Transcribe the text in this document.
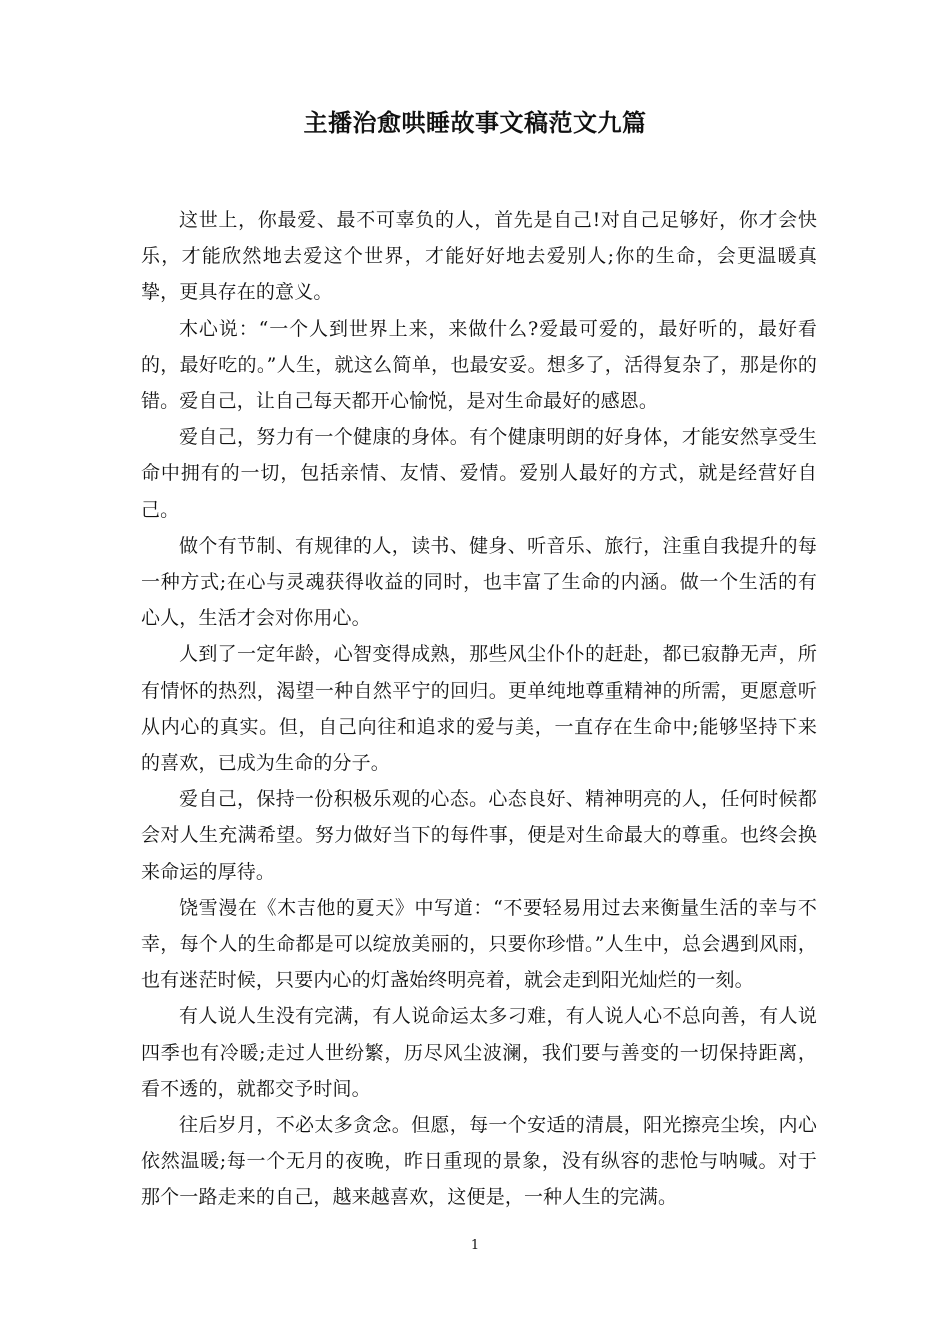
主播治愈哄睡故事文稿范文九篇

这世上，你最爱、最不可辜负的人，首先是自己!对自己足够好，你才会快乐，才能欣然地去爱这个世界，才能好好地去爱别人;你的生命，会更温暖真挚，更具存在的意义。

木心说：“一个人到世界上来，来做什么?爱最可爱的，最好听的，最好看的，最好吃的。”人生，就这么简单，也最安妥。想多了，活得复杂了，那是你的错。爱自己，让自己每天都开心愉悦，是对生命最好的感恩。

爱自己，努力有一个健康的身体。有个健康明朗的好身体，才能安然享受生命中拥有的一切，包括亲情、友情、爱情。爱别人最好的方式，就是经营好自己。

做个有节制、有规律的人，读书、健身、听音乐、旅行，注重自我提升的每一种方式;在心与灵魂获得收益的同时，也丰富了生命的内涵。做一个生活的有心人，生活才会对你用心。

人到了一定年龄，心智变得成熟，那些风尘仆仆的赶赴，都已寂静无声，所有情怀的热烈，渴望一种自然平宁的回归。更单纯地尊重精神的所需，更愿意听从内心的真实。但，自己向往和追求的爱与美，一直存在生命中;能够坚持下来的喜欢，已成为生命的分子。

爱自己，保持一份积极乐观的心态。心态良好、精神明亮的人，任何时候都会对人生充满希望。努力做好当下的每件事，便是对生命最大的尊重。也终会换来命运的厚待。

饶雪漫在《木吉他的夏天》中写道：“不要轻易用过去来衡量生活的幸与不幸，每个人的生命都是可以绽放美丽的，只要你珍惜。”人生中，总会遇到风雨，也有迷茫时候，只要内心的灯盏始终明亮着，就会走到阳光灿烂的一刻。

有人说人生没有完满，有人说命运太多刁难，有人说人心不总向善，有人说四季也有冷暖;走过人世纷繁，历尽风尘波澜，我们要与善变的一切保持距离，看不透的，就都交予时间。

往后岁月，不必太多贪念。但愿，每一个安适的清晨，阳光擦亮尘埃，内心依然温暖;每一个无月的夜晚，昨日重现的景象，没有纵容的悲怆与呐喊。对于那个一路走来的自己，越来越喜欢，这便是，一种人生的完满。

1
